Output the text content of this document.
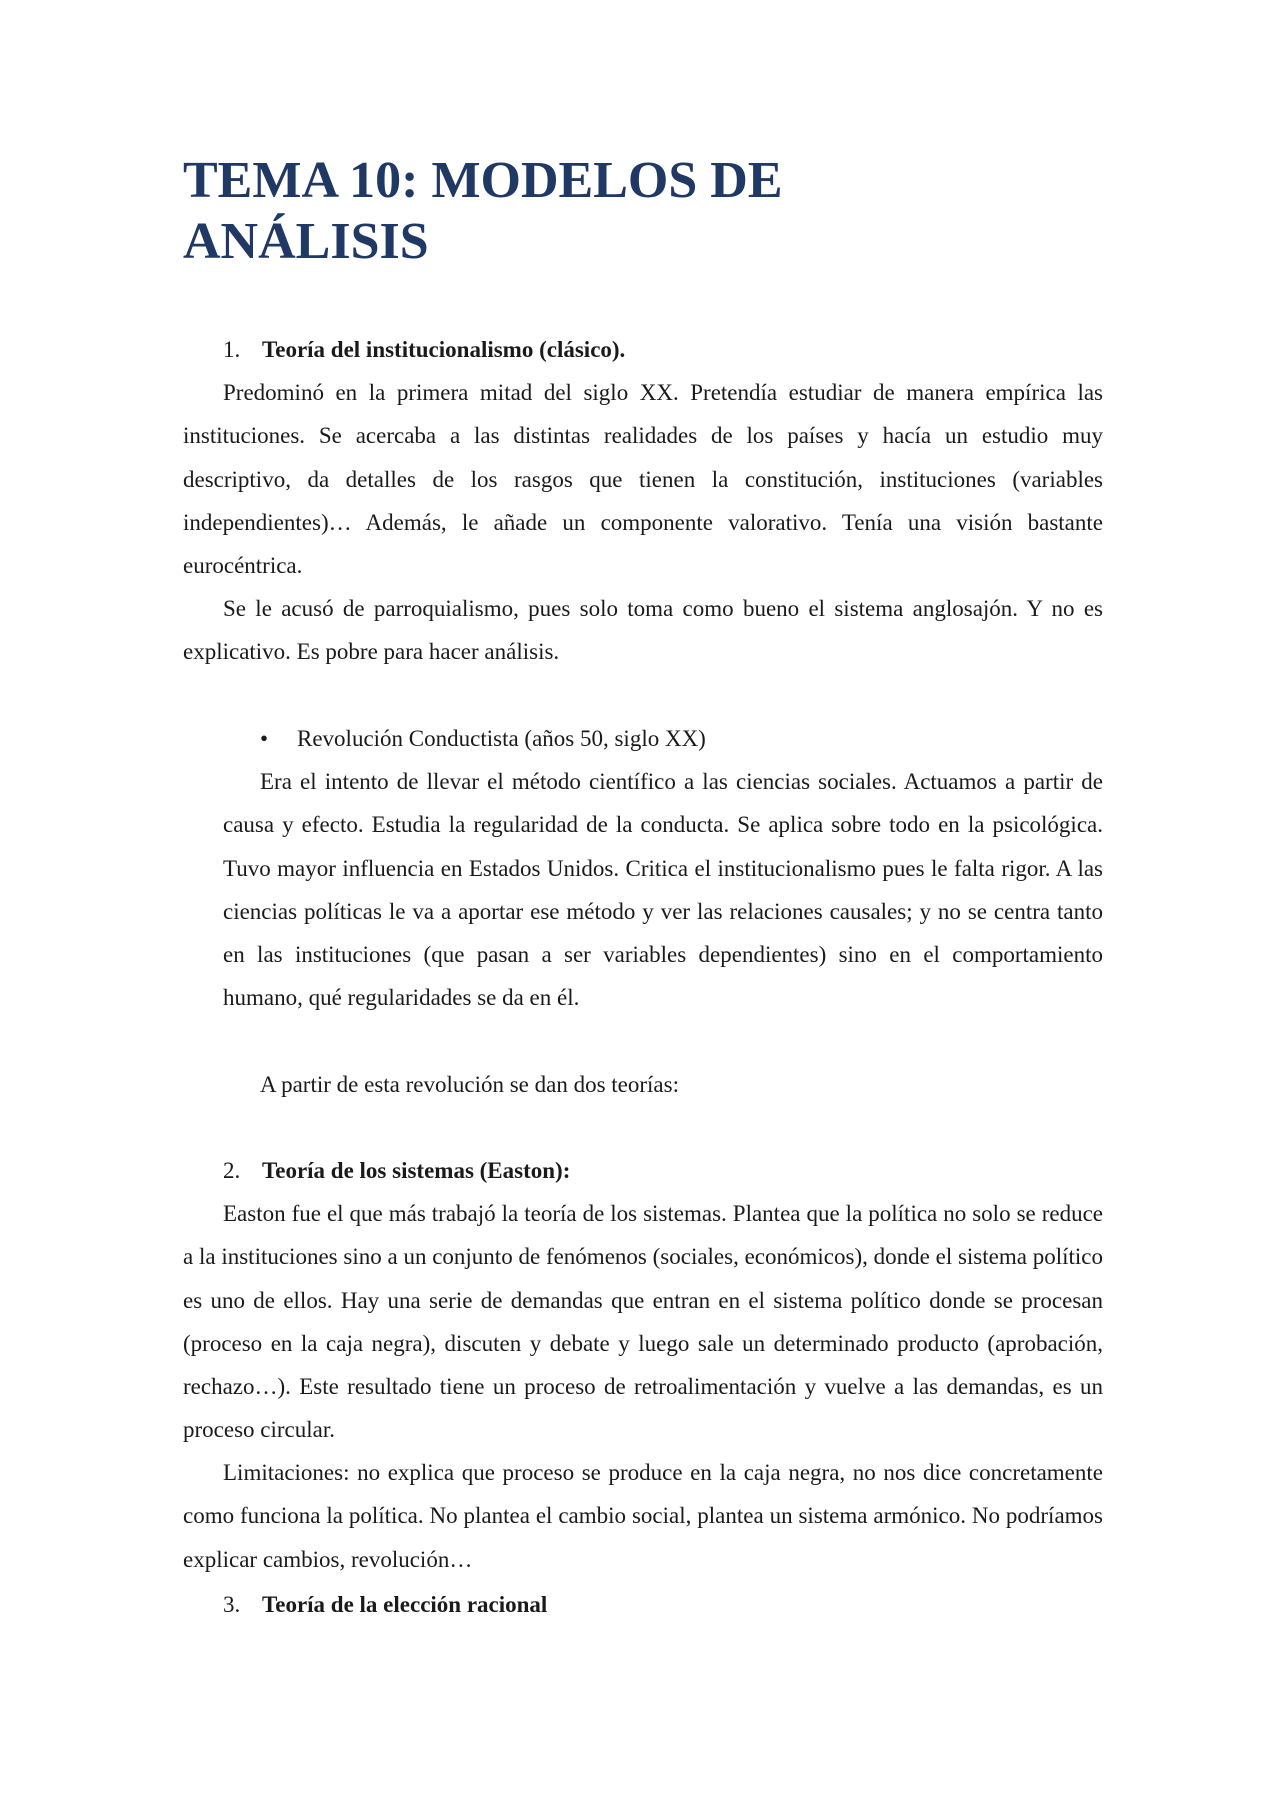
TEMA 10: MODELOS DE
ANÁLISIS

1. Teoría del institucionalismo (clásico).

Predominó en la primera mitad del siglo XX. Pretendía estudiar de manera empírica las instituciones. Se acercaba a las distintas realidades de los países y hacía un estudio muy descriptivo, da detalles de los rasgos que tienen la constitución, instituciones (variables independientes)… Además, le añade un componente valorativo. Tenía una visión bastante eurocéntrica.

Se le acusó de parroquialismo, pues solo toma como bueno el sistema anglosajón. Y no es explicativo. Es pobre para hacer análisis.

• Revolución Conductista (años 50, siglo XX)

Era el intento de llevar el método científico a las ciencias sociales. Actuamos a partir de causa y efecto. Estudia la regularidad de la conducta. Se aplica sobre todo en la psicológica. Tuvo mayor influencia en Estados Unidos. Critica el institucionalismo pues le falta rigor. A las ciencias políticas le va a aportar ese método y ver las relaciones causales; y no se centra tanto en las instituciones (que pasan a ser variables dependientes) sino en el comportamiento humano, qué regularidades se da en él.

A partir de esta revolución se dan dos teorías:

2. Teoría de los sistemas (Easton):

Easton fue el que más trabajó la teoría de los sistemas. Plantea que la política no solo se reduce a la instituciones sino a un conjunto de fenómenos (sociales, económicos), donde el sistema político es uno de ellos. Hay una serie de demandas que entran en el sistema político donde se procesan (proceso en la caja negra), discuten y debate y luego sale un determinado producto (aprobación, rechazo…). Este resultado tiene un proceso de retroalimentación y vuelve a las demandas, es un proceso circular.

Limitaciones: no explica que proceso se produce en la caja negra, no nos dice concretamente como funciona la política. No plantea el cambio social, plantea un sistema armónico. No podríamos explicar cambios, revolución…

3. Teoría de la elección racional
